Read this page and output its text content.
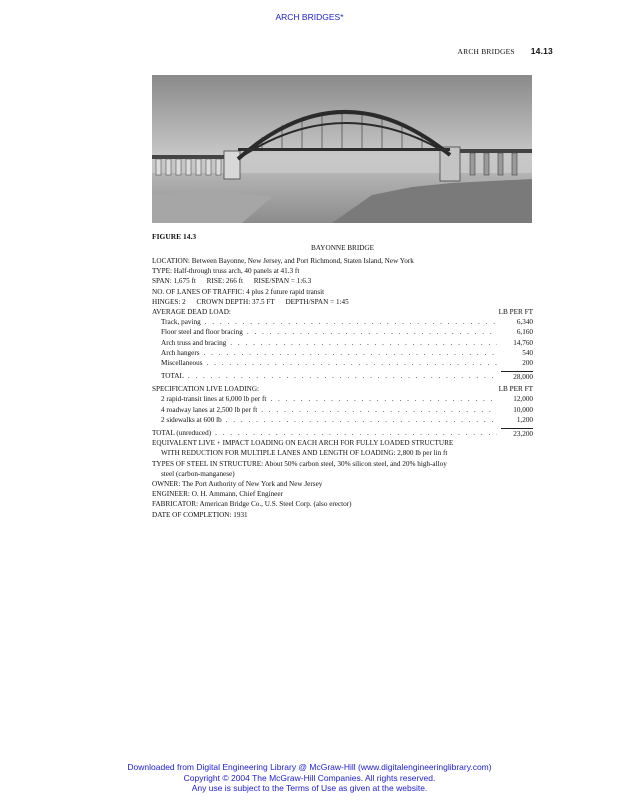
ARCH BRIDGES*
ARCH BRIDGES 14.13
FIGURE 14.3
BAYONNE BRIDGE
LOCATION: Between Bayonne, New Jersey, and Port Richmond, Staten Island, New York
TYPE: Half-through truss arch, 40 panels at 41.3 ft
SPAN: 1,675 ft      RISE: 266 ft      RISE/SPAN = 1:6.3
NO. OF LANES OF TRAFFIC: 4 plus 2 future rapid transit
HINGES: 2      CROWN DEPTH: 37.5 FT      DEPTH/SPAN = 1:45
AVERAGE DEAD LOAD:	LB PER FT
Track, paving . . .	6,340
Floor steel and floor bracing . . .	6,160
Arch truss and bracing . . .	14,760
Arch hangers . . .	540
Miscellaneous . . .	200
TOTAL . . .	28,000
SPECIFICATION LIVE LOADING:	LB PER FT
2 rapid-transit lines at 6,000 lb per ft . . .	12,000
4 roadway lanes at 2,500 lb per ft . . .	10,000
2 sidewalks at 600 lb . . .	1,200
TOTAL (unreduced) . . .	23,200
EQUIVALENT LIVE + IMPACT LOADING ON EACH ARCH FOR FULLY LOADED STRUCTURE
WITH REDUCTION FOR MULTIPLE LANES AND LENGTH OF LOADING: 2,800 lb per lin ft
TYPES OF STEEL IN STRUCTURE: About 50% carbon steel, 30% silicon steel, and 20% high-alloy
steel (carbon-manganese)
OWNER: The Port Authority of New York and New Jersey
ENGINEER: O. H. Ammann, Chief Engineer
FABRICATOR: American Bridge Co., U.S. Steel Corp. (also erector)
DATE OF COMPLETION: 1931
Downloaded from Digital Engineering Library @ McGraw-Hill (www.digitalengineeringlibrary.com)
Copyright © 2004 The McGraw-Hill Companies. All rights reserved.
Any use is subject to the Terms of Use as given at the website.
